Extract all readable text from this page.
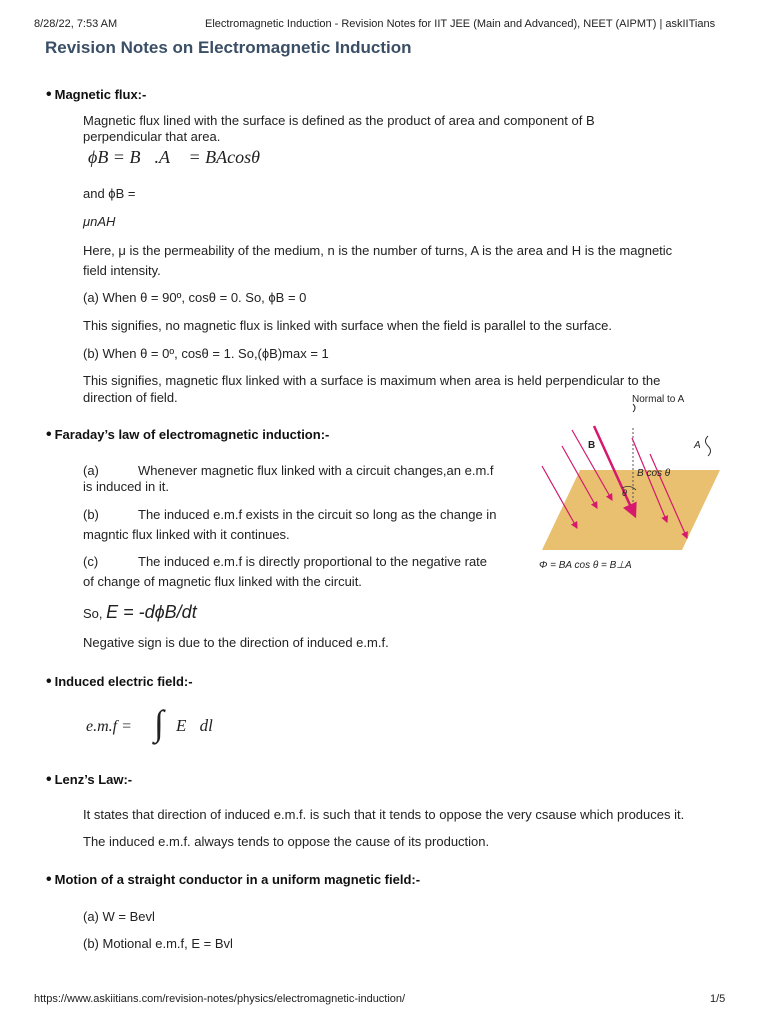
8/28/22, 7:53 AM	Electromagnetic Induction - Revision Notes for IIT JEE (Main and Advanced), NEET (AIPMT) | askIITians
Revision Notes on Electromagnetic Induction
• Magnetic flux:-
Magnetic flux lined with the surface is defined as the product of area and component of B
perpendicular that area.
ϕB = B⃗.A⃗ = BAcosθ
and ϕB =
μnAH
Here, μ is the permeability of the medium, n is the number of turns, A is the area and H is the magnetic
field intensity.
(a) When θ = 90º, cosθ = 0. So, ϕB = 0
This signifies, no magnetic flux is linked with surface when the field is parallel to the surface.
(b) When θ = 0º, cosθ = 1. So,(ϕB)max = 1
This signifies, magnetic flux linked with a surface is maximum when area is held perpendicular to the
direction of field.
• Faraday’s law of electromagnetic induction:-
(a)	Whenever magnetic flux linked with a circuit changes,an e.m.f
is induced in it.
(b)	The induced e.m.f exists in the circuit so long as the change in
magntic flux linked with it continues.
(c)	The induced e.m.f is directly proportional to the negative rate
of change of magnetic flux linked with the circuit.
So, E = -dϕB/dt
Negative sign is due to the direction of induced e.m.f.
Normal to A
B	A
B cos θ
θ
Φ = BA cos θ = B⊥A
• Induced electric field:-
e.m.f = ∫ E⃗dl⃗
• Lenz’s Law:-
It states that direction of induced e.m.f. is such that it tends to oppose the very csause which produces it.
The induced e.m.f. always tends to oppose the cause of its production.
• Motion of a straight conductor in a uniform magnetic field:-
(a) W = Bevl
(b) Motional e.m.f, E = Bvl
https://www.askiitians.com/revision-notes/physics/electromagnetic-induction/	1/5
